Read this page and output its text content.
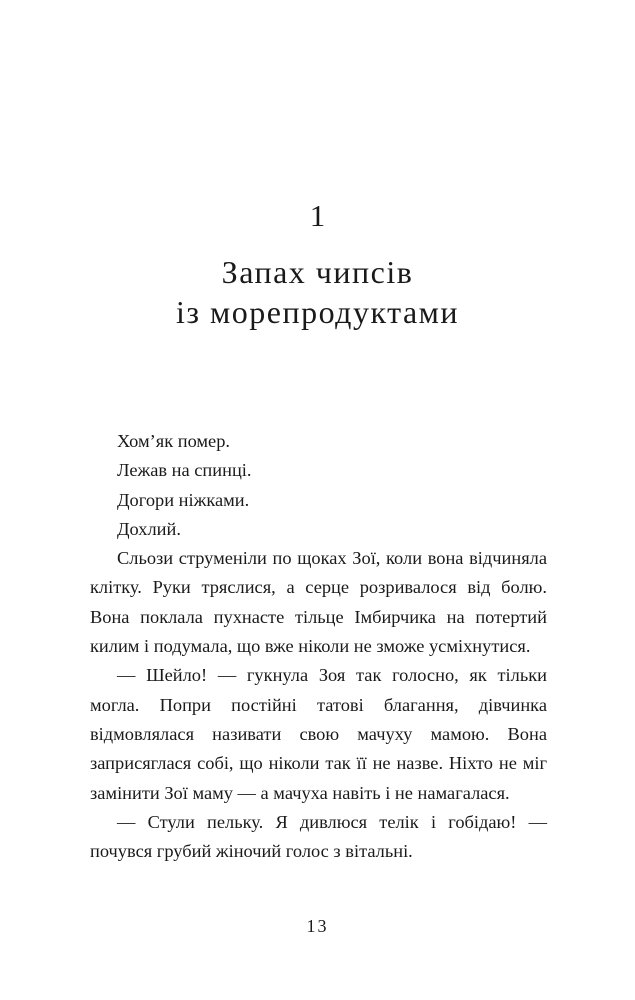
1
Запах чипсів
із морепродуктами

Хом’як помер.

Лежав на спинці.

Догори ніжками.

Дохлий.

Сльози струменіли по щоках Зої, коли вона відчиняла клітку. Руки тряслися, а серце розривалося від болю. Вона поклала пухнасте тільце Імбирчика на потертий килим і подумала, що вже ніколи не зможе усміхнутися.

— Шейло! — гукнула Зоя так голосно, як тільки могла. Попри постійні татові благання, дівчинка відмовлялася називати свою мачуху мамою. Вона заприсяглася собі, що ніколи так її не назве. Ніхто не міг замінити Зої маму — а мачуха навіть і не намагалася.

— Стули пельку. Я дивлюся телік і гобідаю! — почувся грубий жіночий голос з вітальні.

13
